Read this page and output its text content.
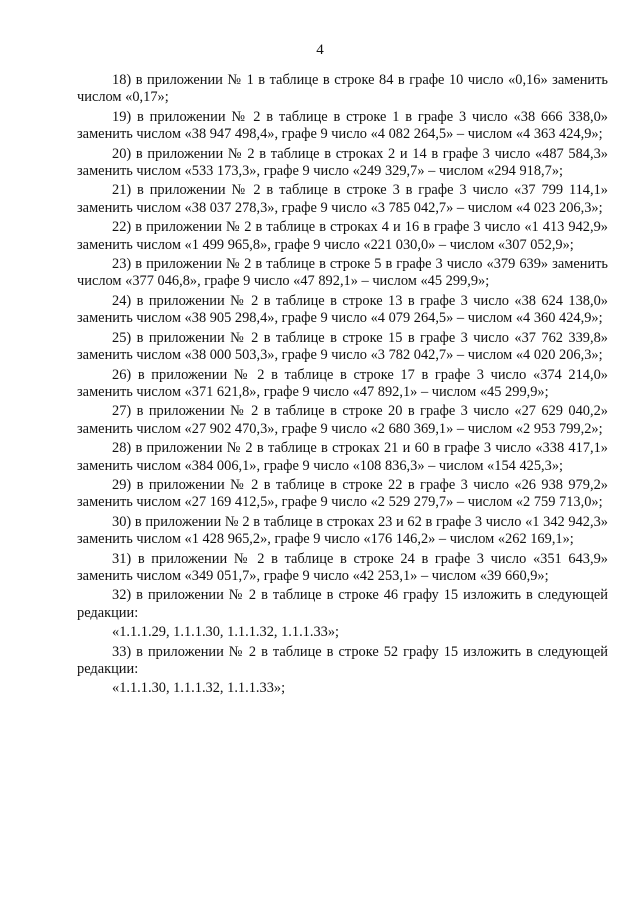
4

18) в приложении № 1 в таблице в строке 84 в графе 10 число «0,16» заменить числом «0,17»;

19) в приложении № 2 в таблице в строке 1 в графе 3 число «38 666 338,0» заменить числом «38 947 498,4», графе 9 число «4 082 264,5» – числом «4 363 424,9»;

20) в приложении № 2 в таблице в строках 2 и 14 в графе 3 число «487 584,3» заменить числом «533 173,3», графе 9 число «249 329,7» – числом «294 918,7»;

21) в приложении № 2 в таблице в строке 3 в графе 3 число «37 799 114,1» заменить числом «38 037 278,3», графе 9 число «3 785 042,7» – числом «4 023 206,3»;

22) в приложении № 2 в таблице в строках 4 и 16 в графе 3 число «1 413 942,9» заменить числом «1 499 965,8», графе 9 число «221 030,0» – числом «307 052,9»;

23) в приложении № 2 в таблице в строке 5 в графе 3 число «379 639» заменить числом «377 046,8», графе 9 число «47 892,1» – числом «45 299,9»;

24) в приложении № 2 в таблице в строке 13 в графе 3 число «38 624 138,0» заменить числом «38 905 298,4», графе 9 число «4 079 264,5» – числом «4 360 424,9»;

25) в приложении № 2 в таблице в строке 15 в графе 3 число «37 762 339,8» заменить числом «38 000 503,3», графе 9 число «3 782 042,7» – числом «4 020 206,3»;

26) в приложении № 2 в таблице в строке 17 в графе 3 число «374 214,0» заменить числом «371 621,8», графе 9 число «47 892,1» – числом «45 299,9»;

27) в приложении № 2 в таблице в строке 20 в графе 3 число «27 629 040,2» заменить числом «27 902 470,3», графе 9 число «2 680 369,1» – числом «2 953 799,2»;

28) в приложении № 2 в таблице в строках 21 и 60 в графе 3 число «338 417,1» заменить числом «384 006,1», графе 9 число «108 836,3» – числом «154 425,3»;

29) в приложении № 2 в таблице в строке 22 в графе 3 число «26 938 979,2» заменить числом «27 169 412,5», графе 9 число «2 529 279,7» – числом «2 759 713,0»;

30) в приложении № 2 в таблице в строках 23 и 62 в графе 3 число «1 342 942,3» заменить числом «1 428 965,2», графе 9 число «176 146,2» – числом «262 169,1»;

31) в приложении № 2 в таблице в строке 24 в графе 3 число «351 643,9» заменить числом «349 051,7», графе 9 число «42 253,1» – числом «39 660,9»;

32) в приложении № 2 в таблице в строке 46 графу 15 изложить в следующей редакции:

«1.1.1.29, 1.1.1.30, 1.1.1.32, 1.1.1.33»;

33) в приложении № 2 в таблице в строке 52 графу 15 изложить в следующей редакции:

«1.1.1.30, 1.1.1.32, 1.1.1.33»;
